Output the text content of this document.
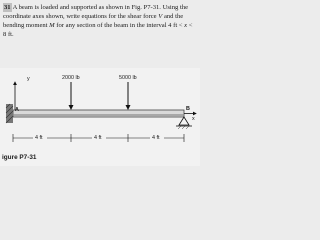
31 A beam is loaded and supported as shown in Fig. P7-31. Using the coordinate axes shown, write equations for the shear force V and the bending moment M for any section of the beam in the interval 4 ft < x < 8 ft.

y
x
2000 lb	5000 lb
A	B
4 ft	4 ft	4 ft
igure P7-31
